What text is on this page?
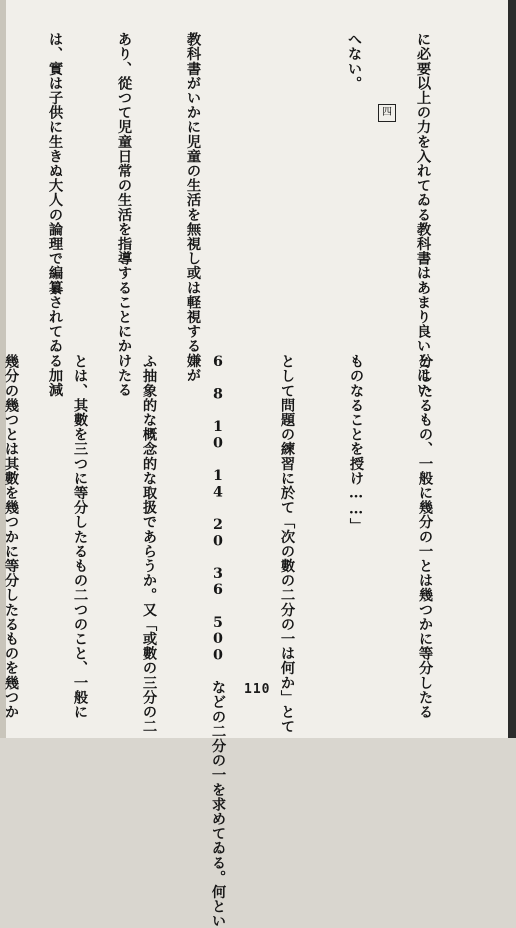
に必要以上の力を入れてゐる教科書はあまり良いとはい

へない。

教科書がいかに児童の生活を無視し或は軽視する嫌が

あり、從つて児童日常の生活を指導することにかけたる

は、實は子供に生きぬ大人の論理で編纂されてゐる加減

	四

分したるもの、一般に幾分の一とは幾つかに等分したる

ものなることを授け……」

として問題の練習に於て「次の數の二分の一は何か」とて

6 8 10 14 20 36 500 などの二分の一を求めてゐる。何とい

ふ抽象的な概念的な取扱であらうか。又「或數の三分の二

とは、其數を三つに等分したるもの二つのこと、一般に

幾分の幾つとは其數を幾つかに等分したるものを幾つか

	110
